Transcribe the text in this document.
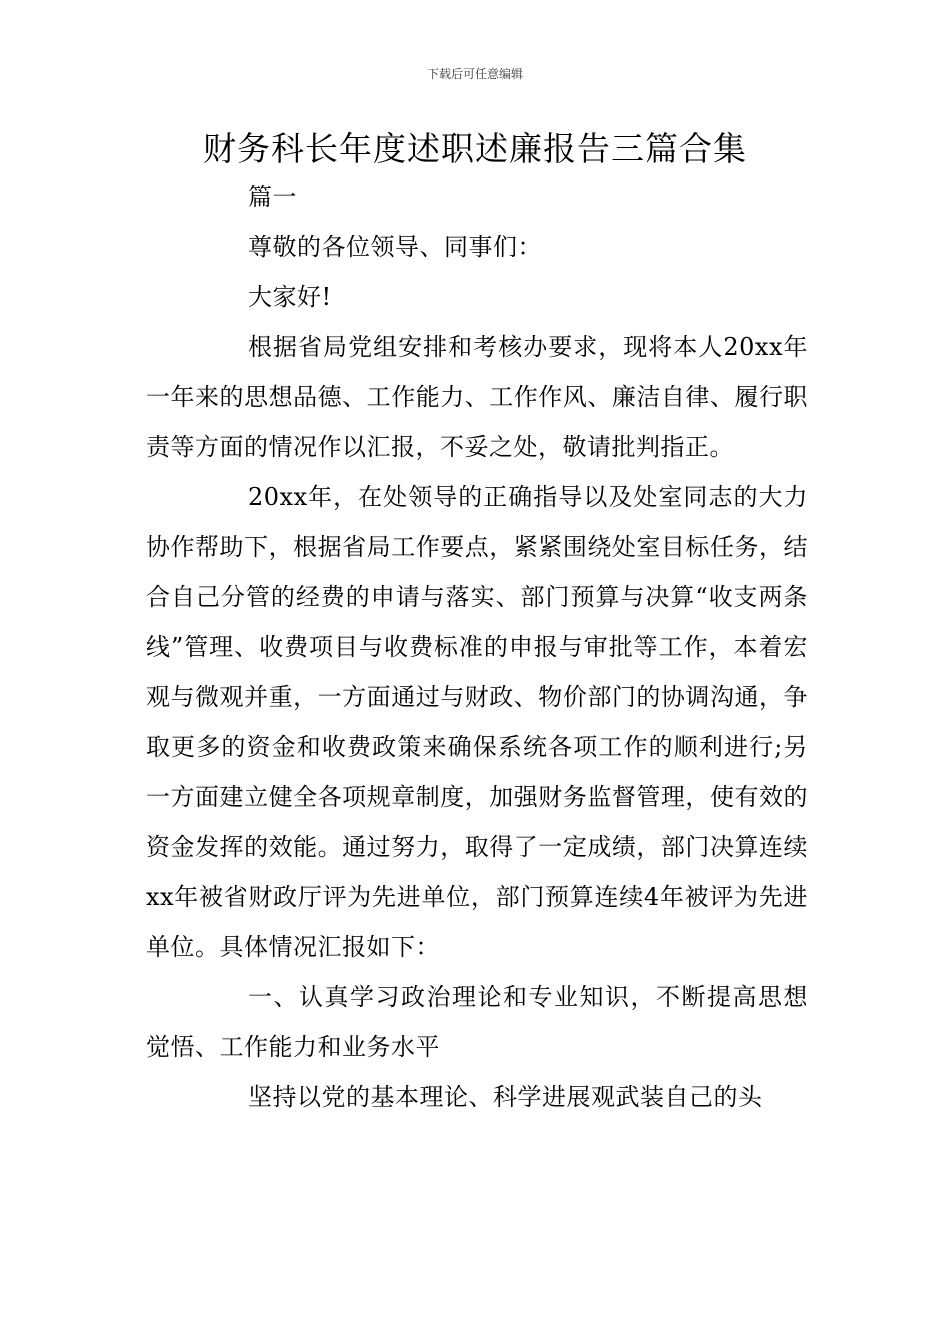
下载后可任意编辑
财务科长年度述职述廉报告三篇合集

篇一

尊敬的各位领导、同事们：

大家好!

根据省局党组安排和考核办要求，现将本人20xx年一年来的思想品德、工作能力、工作作风、廉洁自律、履行职责等方面的情况作以汇报，不妥之处，敬请批判指正。

20xx年，在处领导的正确指导以及处室同志的大力协作帮助下，根据省局工作要点，紧紧围绕处室目标任务，结合自己分管的经费的申请与落实、部门预算与决算“收支两条线”管理、收费项目与收费标准的申报与审批等工作，本着宏观与微观并重，一方面通过与财政、物价部门的协调沟通，争取更多的资金和收费政策来确保系统各项工作的顺利进行;另一方面建立健全各项规章制度，加强财务监督管理，使有效的资金发挥的效能。通过努力，取得了一定成绩，部门决算连续xx年被省财政厅评为先进单位，部门预算连续4年被评为先进单位。具体情况汇报如下：

一、认真学习政治理论和专业知识，不断提高思想觉悟、工作能力和业务水平

坚持以党的基本理论、科学进展观武装自己的头
